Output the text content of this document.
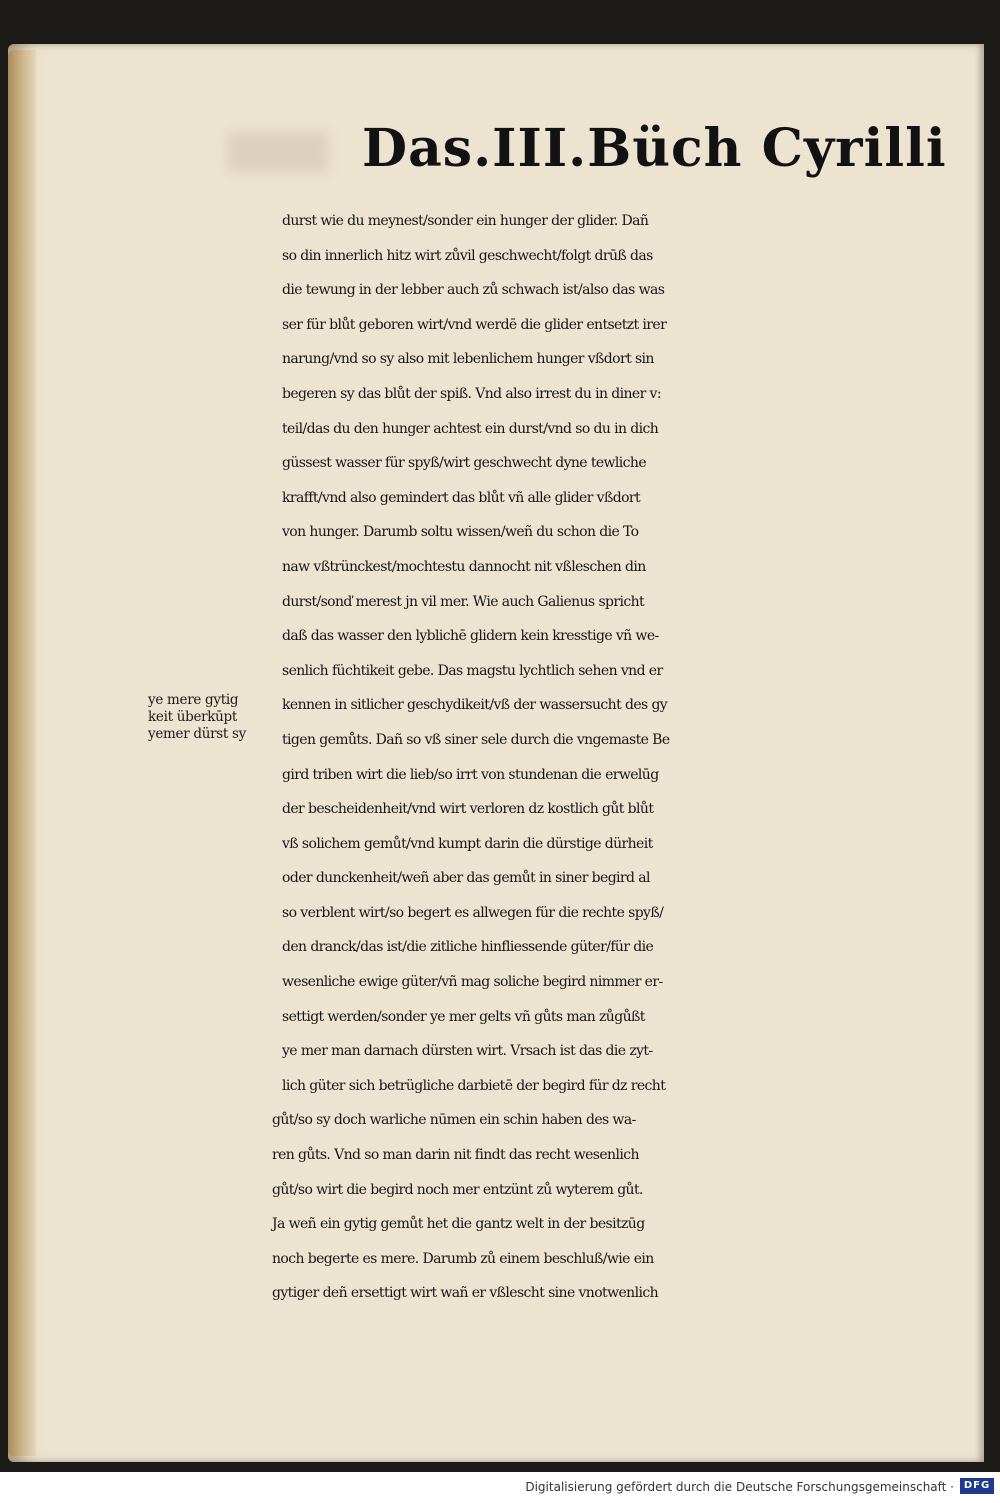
Das.III.Büch Cyrilli
ye mere gytig
keit überkūpt
yemer dürst sy
durst wie du meynest/sonder ein hunger der glider. Dañ
so din innerlich hitz wirt zůvil geschwecht/folgt drūß das
die tewung in der lebber auch zů schwach ist/also das was
ser für blůt geboren wirt/vnd werdē die glider entsetzt irer
narung/vnd so sy also mit lebenlichem hunger vßdort sin
begeren sy das blůt der spiß. Vnd also irrest du in diner v:
teil/das du den hunger achtest ein durst/vnd so du in dich
güssest wasser für spyß/wirt geschwecht dyne tewliche
krafft/vnd also gemindert das blůt vñ alle glider vßdort
von hunger. Darumb soltu wissen/weñ du schon die To
naw vßtrünckest/mochtestu dannocht nit vßleschen din
durst/sonď merest jn vil mer. Wie auch Galienus spricht
daß das wasser den lyblichē glidern kein kresstige vñ we-
senlich füchtikeit gebe. Das magstu lychtlich sehen vnd er
kennen in sitlicher geschydikeit/vß der wassersucht des gy
tigen gemůts. Dañ so vß siner sele durch die vngemaste Be
gird triben wirt die lieb/so irrt von stundenan die erwelūg
der bescheidenheit/vnd wirt verloren dz kostlich gůt blůt
vß solichem gemůt/vnd kumpt darin die dürstige dürheit
oder dunckenheit/weñ aber das gemůt in siner begird al
so verblent wirt/so begert es allwegen für die rechte spyß/
den dranck/das ist/die zitliche hinfliessende güter/für die
wesenliche ewige güter/vñ mag soliche begird nimmer er-
settigt werden/sonder ye mer gelts vñ gůts man zůgůßt
ye mer man darnach dürsten wirt. Vrsach ist das die zyt-
lich güter sich betrügliche darbietē der begird für dz recht
gůt/so sy doch warliche nūmen ein schin haben des wa-
ren gůts. Vnd so man darin nit findt das recht wesenlich
gůt/so wirt die begird noch mer entzünt zů wyterem gůt.
Ja weñ ein gytig gemůt het die gantz welt in der besitzūg
noch begerte es mere. Darumb zů einem beschluß/wie ein
gytiger deñ ersettigt wirt wañ er vßlescht sine vnotwenlich
Digitalisierung gefördert durch die Deutsche Forschungsgemeinschaft · DFG
